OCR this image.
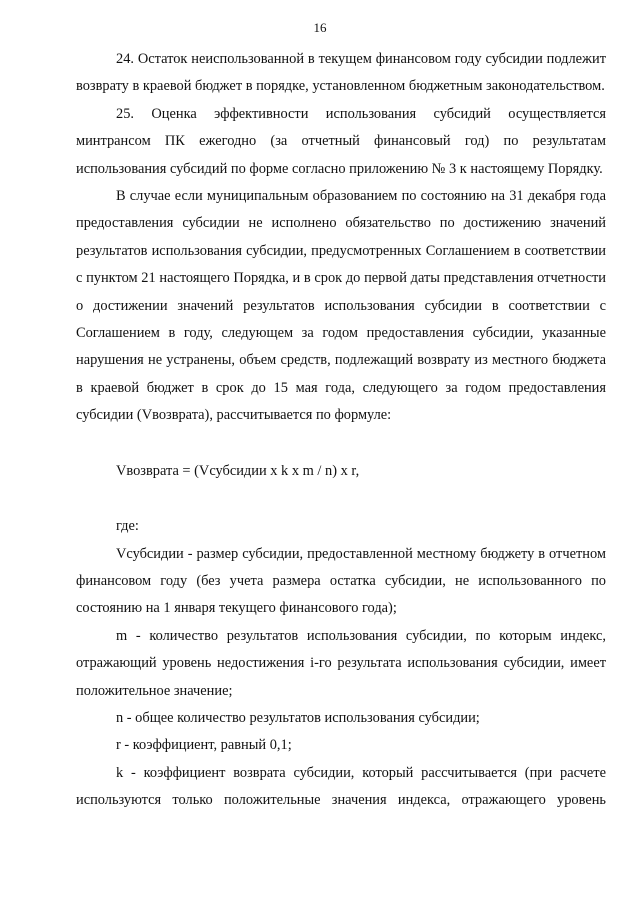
16

24. Остаток неиспользованной в текущем финансовом году субсидии подлежит возврату в краевой бюджет в порядке, установленном бюджетным законодательством.

25. Оценка эффективности использования субсидий осуществляется минтрансом ПК ежегодно (за отчетный финансовый год) по результатам использования субсидий по форме согласно приложению № 3 к настоящему Порядку.

В случае если муниципальным образованием по состоянию на 31 декабря года предоставления субсидии не исполнено обязательство по достижению значений результатов использования субсидии, предусмотренных Соглашением в соответствии с пунктом 21 настоящего Порядка, и в срок до первой даты представления отчетности о достижении значений результатов использования субсидии в соответствии с Соглашением в году, следующем за годом предоставления субсидии, указанные нарушения не устранены, объем средств, подлежащий возврату из местного бюджета в краевой бюджет в срок до 15 мая года, следующего за годом предоставления субсидии (Vвозврата), рассчитывается по формуле:

Vвозврата = (Vсубсидии x k x m / n) x r,

где:

Vсубсидии - размер субсидии, предоставленной местному бюджету в отчетном финансовом году (без учета размера остатка субсидии, не использованного по состоянию на 1 января текущего финансового года);

m - количество результатов использования субсидии, по которым индекс, отражающий уровень недостижения i-го результата использования субсидии, имеет положительное значение;

n - общее количество результатов использования субсидии;

r - коэффициент, равный 0,1;

k - коэффициент возврата субсидии, который рассчитывается (при расчете используются только положительные значения индекса, отражающего уровень
